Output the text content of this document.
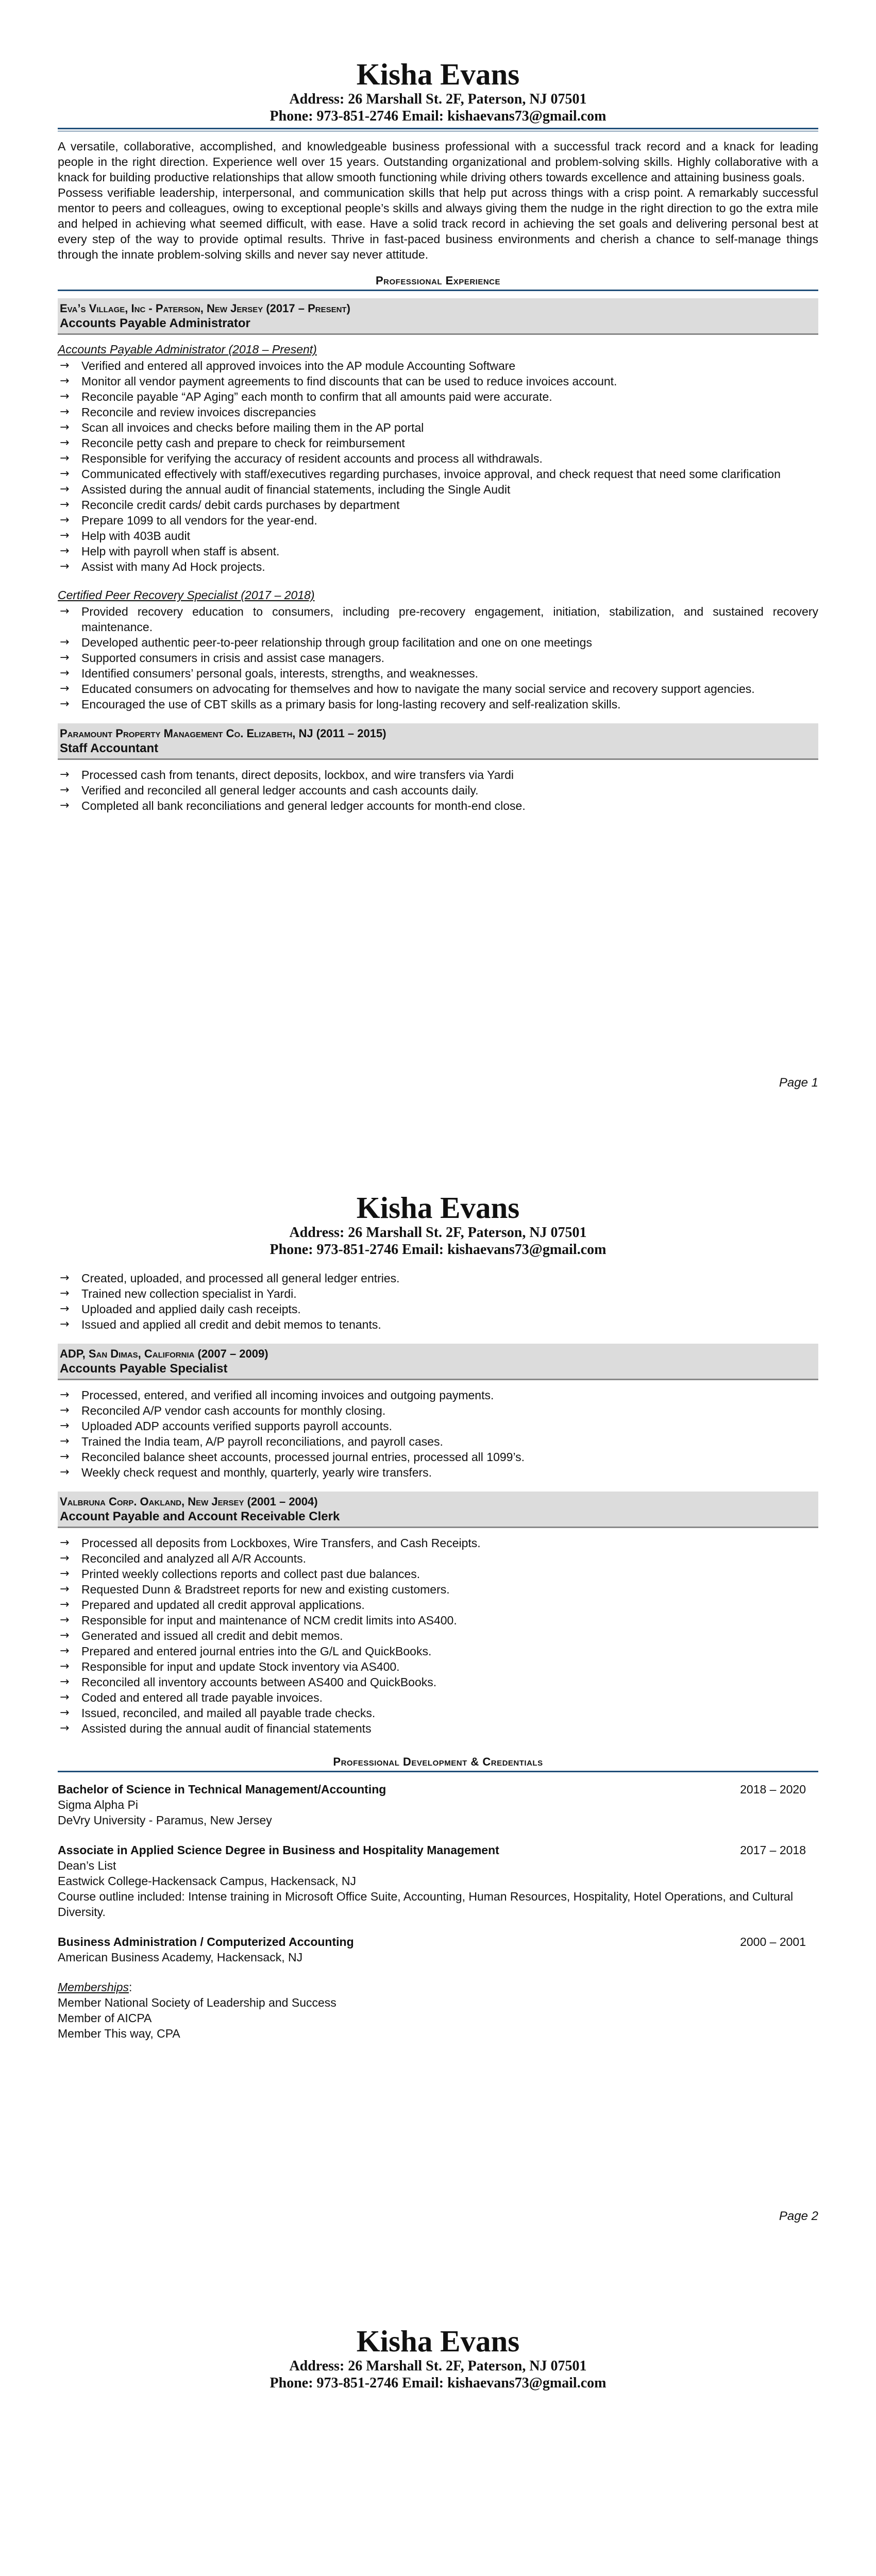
Kisha Evans
Address: 26 Marshall St. 2F, Paterson, NJ 07501
Phone: 973-851-2746 Email: kishaevans73@gmail.com

A versatile, collaborative, accomplished, and knowledgeable business professional with a successful track record and a knack for leading people in the right direction. Experience well over 15 years. Outstanding organizational and problem-solving skills. Highly collaborative with a knack for building productive relationships that allow smooth functioning while driving others towards excellence and attaining business goals.

Possess verifiable leadership, interpersonal, and communication skills that help put across things with a crisp point. A remarkably successful mentor to peers and colleagues, owing to exceptional people’s skills and always giving them the nudge in the right direction to go the extra mile and helped in achieving what seemed difficult, with ease. Have a solid track record in achieving the set goals and delivering personal best at every step of the way to provide optimal results. Thrive in fast-paced business environments and cherish a chance to self-manage things through the innate problem-solving skills and never say never attitude.

Professional Experience
Eva’s Village, Inc - Paterson, New Jersey (2017 – Present)
Accounts Payable Administrator
Accounts Payable Administrator (2018 – Present)
→ Verified and entered all approved invoices into the AP module Accounting Software
→ Monitor all vendor payment agreements to find discounts that can be used to reduce invoices account.
→ Reconcile payable “AP Aging” each month to confirm that all amounts paid were accurate.
→ Reconcile and review invoices discrepancies
→ Scan all invoices and checks before mailing them in the AP portal
→ Reconcile petty cash and prepare to check for reimbursement
→ Responsible for verifying the accuracy of resident accounts and process all withdrawals.
→ Communicated effectively with staff/executives regarding purchases, invoice approval, and check request that need some clarification
→ Assisted during the annual audit of financial statements, including the Single Audit
→ Reconcile credit cards/ debit cards purchases by department
→ Prepare 1099 to all vendors for the year-end.
→ Help with 403B audit
→ Help with payroll when staff is absent.
→ Assist with many Ad Hock projects.
Certified Peer Recovery Specialist (2017 – 2018)
→ Provided recovery education to consumers, including pre-recovery engagement, initiation, stabilization, and sustained recovery maintenance.
→ Developed authentic peer-to-peer relationship through group facilitation and one on one meetings
→ Supported consumers in crisis and assist case managers.
→ Identified consumers’ personal goals, interests, strengths, and weaknesses.
→ Educated consumers on advocating for themselves and how to navigate the many social service and recovery support agencies.
→ Encouraged the use of CBT skills as a primary basis for long-lasting recovery and self-realization skills.
Paramount Property Management Co. Elizabeth, NJ (2011 – 2015)
Staff Accountant
→ Processed cash from tenants, direct deposits, lockbox, and wire transfers via Yardi
→ Verified and reconciled all general ledger accounts and cash accounts daily.
→ Completed all bank reconciliations and general ledger accounts for month-end close.
Page 1
Kisha Evans
Address: 26 Marshall St. 2F, Paterson, NJ 07501
Phone: 973-851-2746 Email: kishaevans73@gmail.com
→ Created, uploaded, and processed all general ledger entries.
→ Trained new collection specialist in Yardi.
→ Uploaded and applied daily cash receipts.
→ Issued and applied all credit and debit memos to tenants.
ADP, San Dimas, California (2007 – 2009)
Accounts Payable Specialist
→ Processed, entered, and verified all incoming invoices and outgoing payments.
→ Reconciled A/P vendor cash accounts for monthly closing.
→ Uploaded ADP accounts verified supports payroll accounts.
→ Trained the India team, A/P payroll reconciliations, and payroll cases.
→ Reconciled balance sheet accounts, processed journal entries, processed all 1099’s.
→ Weekly check request and monthly, quarterly, yearly wire transfers.
Valbruna Corp. Oakland, New Jersey (2001 – 2004)
Account Payable and Account Receivable Clerk
→ Processed all deposits from Lockboxes, Wire Transfers, and Cash Receipts.
→ Reconciled and analyzed all A/R Accounts.
→ Printed weekly collections reports and collect past due balances.
→ Requested Dunn & Bradstreet reports for new and existing customers.
→ Prepared and updated all credit approval applications.
→ Responsible for input and maintenance of NCM credit limits into AS400.
→ Generated and issued all credit and debit memos.
→ Prepared and entered journal entries into the G/L and QuickBooks.
→ Responsible for input and update Stock inventory via AS400.
→ Reconciled all inventory accounts between AS400 and QuickBooks.
→ Coded and entered all trade payable invoices.
→ Issued, reconciled, and mailed all payable trade checks.
→ Assisted during the annual audit of financial statements
Professional Development & Credentials
Bachelor of Science in Technical Management/Accounting	2018 – 2020
Sigma Alpha Pi
DeVry University - Paramus, New Jersey
Associate in Applied Science Degree in Business and Hospitality Management	2017 – 2018
Dean’s List
Eastwick College-Hackensack Campus, Hackensack, NJ
Course outline included: Intense training in Microsoft Office Suite, Accounting, Human Resources, Hospitality, Hotel Operations, and Cultural Diversity.
Business Administration / Computerized Accounting	2000 – 2001
American Business Academy, Hackensack, NJ
Memberships:
Member National Society of Leadership and Success
Member of AICPA
Member This way, CPA
Page 2
Kisha Evans
Address: 26 Marshall St. 2F, Paterson, NJ 07501
Phone: 973-851-2746 Email: kishaevans73@gmail.com
